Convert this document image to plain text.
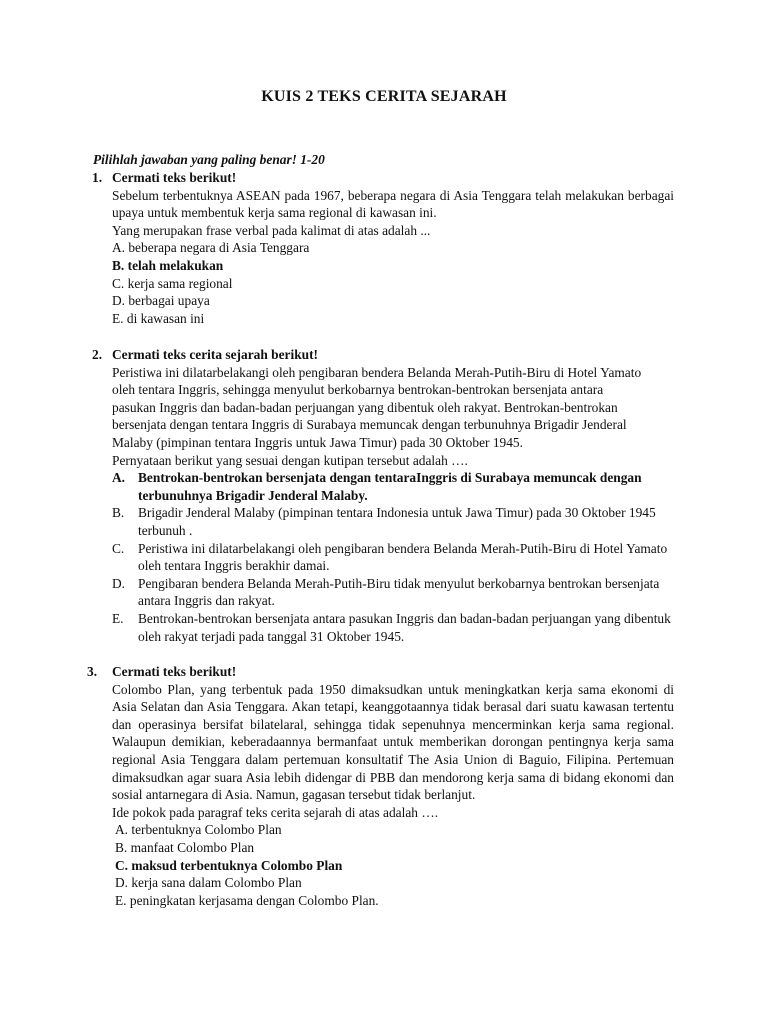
KUIS 2 TEKS CERITA SEJARAH
Pilihlah jawaban yang paling benar! 1-20
1. Cermati teks berikut!
Sebelum terbentuknya ASEAN pada 1967, beberapa negara di Asia Tenggara telah melakukan berbagai upaya untuk membentuk kerja sama regional di kawasan ini.
Yang merupakan frase verbal pada kalimat di atas adalah ...
A. beberapa negara di Asia Tenggara
B. telah melakukan
C. kerja sama regional
D. berbagai upaya
E. di kawasan ini
2. Cermati teks cerita sejarah berikut!
Peristiwa ini dilatarbelakangi oleh pengibaran bendera Belanda Merah-Putih-Biru di Hotel Yamato
oleh tentara Inggris, sehingga menyulut berkobarnya bentrokan-bentrokan bersenjata antara
pasukan Inggris dan badan-badan perjuangan yang dibentuk oleh rakyat. Bentrokan-bentrokan
bersenjata dengan tentara Inggris di Surabaya memuncak dengan terbunuhnya Brigadir Jenderal
Malaby (pimpinan tentara Inggris untuk Jawa Timur) pada 30 Oktober 1945.
Pernyataan berikut yang sesuai dengan kutipan tersebut adalah ….
A. Bentrokan-bentrokan bersenjata dengan tentaraInggris di Surabaya memuncak dengan terbunuhnya Brigadir Jenderal Malaby.
B. Brigadir Jenderal Malaby (pimpinan tentara Indonesia untuk Jawa Timur) pada 30 Oktober 1945 terbunuh .
C. Peristiwa ini dilatarbelakangi oleh pengibaran bendera Belanda Merah-Putih-Biru di Hotel Yamato oleh tentara Inggris berakhir damai.
D. Pengibaran bendera Belanda Merah-Putih-Biru tidak menyulut berkobarnya bentrokan bersenjata antara Inggris dan rakyat.
E. Bentrokan-bentrokan bersenjata antara pasukan Inggris dan badan-badan perjuangan yang dibentuk oleh rakyat terjadi pada tanggal 31 Oktober 1945.
3. Cermati teks berikut!
Colombo Plan, yang terbentuk pada 1950 dimaksudkan untuk meningkatkan kerja sama ekonomi di Asia Selatan dan Asia Tenggara. Akan tetapi, keanggotaannya tidak berasal dari suatu kawasan tertentu dan operasinya bersifat bilatelaral, sehingga tidak sepenuhnya mencerminkan kerja sama regional. Walaupun demikian, keberadaannya bermanfaat untuk memberikan dorongan pentingnya kerja sama regional Asia Tenggara dalam pertemuan konsultatif The Asia Union di Baguio, Filipina. Pertemuan dimaksudkan agar suara Asia lebih didengar di PBB dan mendorong kerja sama di bidang ekonomi dan sosial antarnegara di Asia. Namun, gagasan tersebut tidak berlanjut.
Ide pokok pada paragraf teks cerita sejarah di atas adalah ….
A. terbentuknya Colombo Plan
B. manfaat Colombo Plan
C. maksud terbentuknya Colombo Plan
D. kerja sana dalam Colombo Plan
E. peningkatan kerjasama dengan Colombo Plan.
